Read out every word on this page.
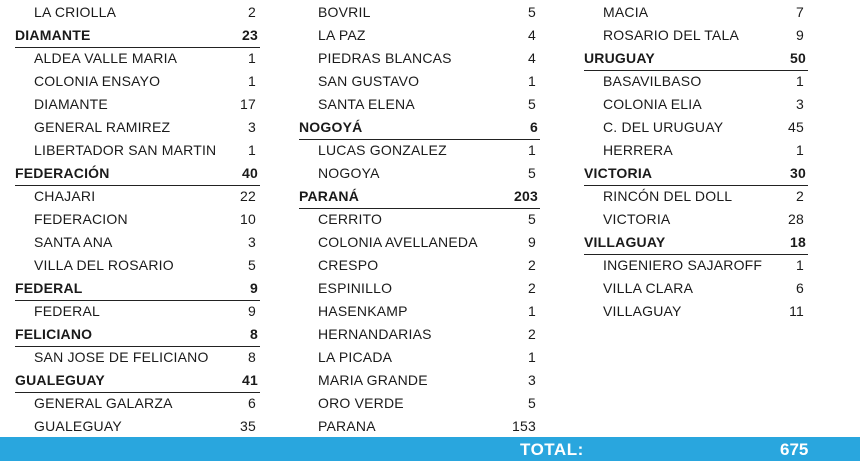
LA CRIOLLA	2
DIAMANTE	23
ALDEA VALLE MARIA	1
COLONIA ENSAYO	1
DIAMANTE	17
GENERAL RAMIREZ	3
LIBERTADOR SAN MARTIN 1
FEDERACIÓN	40
CHAJARI	22
FEDERACION	10
SANTA ANA	3
VILLA DEL ROSARIO	5
FEDERAL	9
FEDERAL	9
FELICIANO	8
SAN JOSE DE FELICIANO	8
GUALEGUAY	41
GENERAL GALARZA	6
GUALEGUAY	35
BOVRIL	5
LA PAZ	4
PIEDRAS BLANCAS	4
SAN GUSTAVO	1
SANTA ELENA	5
NOGOYÁ	6
LUCAS GONZALEZ	1
NOGOYA	5
PARANÁ	203
CERRITO	5
COLONIA AVELLANEDA	9
CRESPO	2
ESPINILLO	2
HASENKAMP	1
HERNANDARIAS	2
LA PICADA	1
MARIA GRANDE	3
ORO VERDE	5
PARANA	153
MACIA	7
ROSARIO DEL TALA	9
URUGUAY	50
BASAVILBASO	1
COLONIA ELIA	3
C. DEL URUGUAY	45
HERRERA	1
VICTORIA	30
RINCÓN DEL DOLL	2
VICTORIA	28
VILLAGUAY	18
INGENIERO SAJAROFF 1
VILLA CLARA	6
VILLAGUAY	11
TOTAL:	675
